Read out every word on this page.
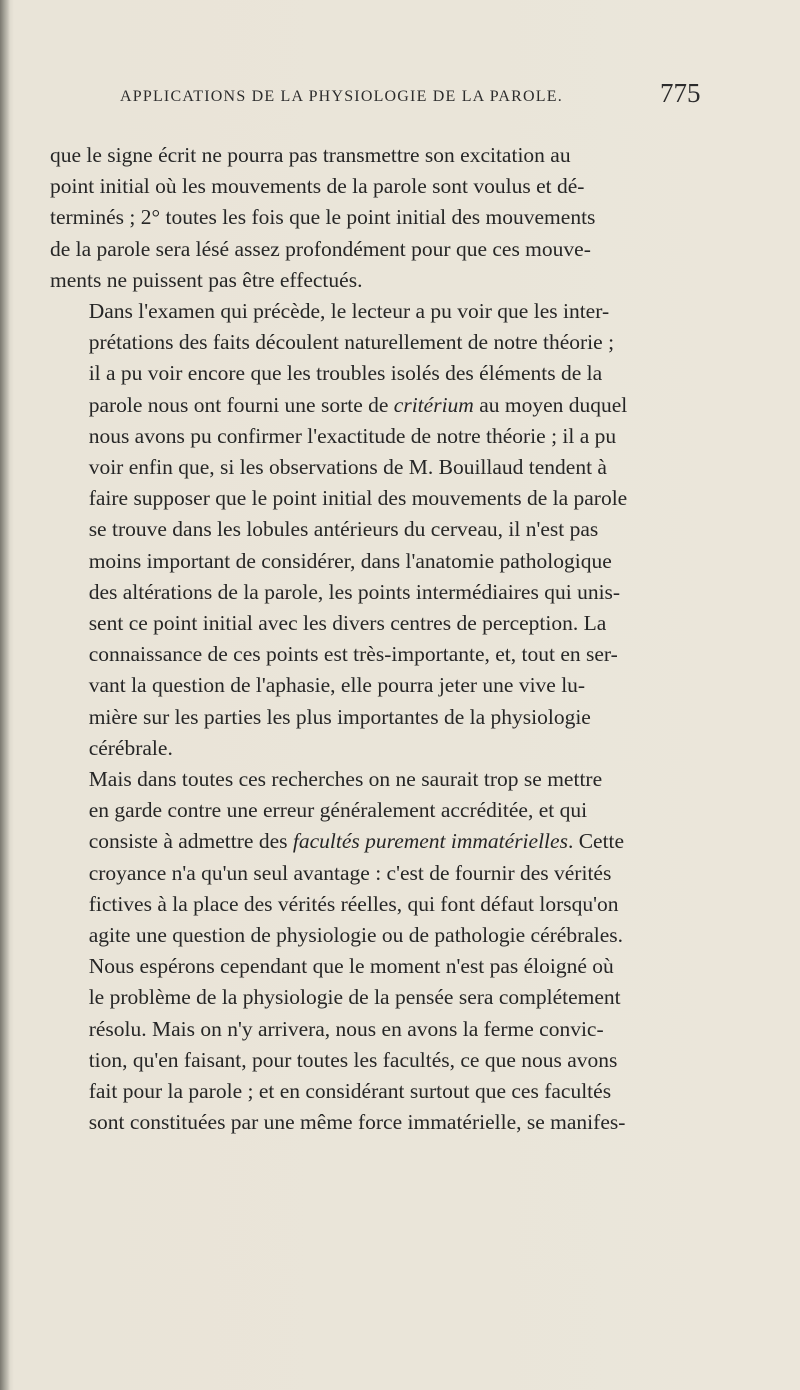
APPLICATIONS DE LA PHYSIOLOGIE DE LA PAROLE.	775

que le signe écrit ne pourra pas transmettre son excitation au
point initial où les mouvements de la parole sont voulus et dé-
terminés ; 2° toutes les fois que le point initial des mouvements
de la parole sera lésé assez profondément pour que ces mouve-
ments ne puissent pas être effectués.

Dans l'examen qui précède, le lecteur a pu voir que les inter-
prétations des faits découlent naturellement de notre théorie ;
il a pu voir encore que les troubles isolés des éléments de la
parole nous ont fourni une sorte de critérium au moyen duquel
nous avons pu confirmer l'exactitude de notre théorie ; il a pu
voir enfin que, si les observations de M. Bouillaud tendent à
faire supposer que le point initial des mouvements de la parole
se trouve dans les lobules antérieurs du cerveau, il n'est pas
moins important de considérer, dans l'anatomie pathologique
des altérations de la parole, les points intermédiaires qui unis-
sent ce point initial avec les divers centres de perception. La
connaissance de ces points est très-importante, et, tout en ser-
vant la question de l'aphasie, elle pourra jeter une vive lu-
mière sur les parties les plus importantes de la physiologie
cérébrale.

Mais dans toutes ces recherches on ne saurait trop se mettre
en garde contre une erreur généralement accréditée, et qui
consiste à admettre des facultés purement immatérielles. Cette
croyance n'a qu'un seul avantage : c'est de fournir des vérités
fictives à la place des vérités réelles, qui font défaut lorsqu'on
agite une question de physiologie ou de pathologie cérébrales.

Nous espérons cependant que le moment n'est pas éloigné où
le problème de la physiologie de la pensée sera complétement
résolu. Mais on n'y arrivera, nous en avons la ferme convic-
tion, qu'en faisant, pour toutes les facultés, ce que nous avons
fait pour la parole ; et en considérant surtout que ces facultés
sont constituées par une même force immatérielle, se manifes-
